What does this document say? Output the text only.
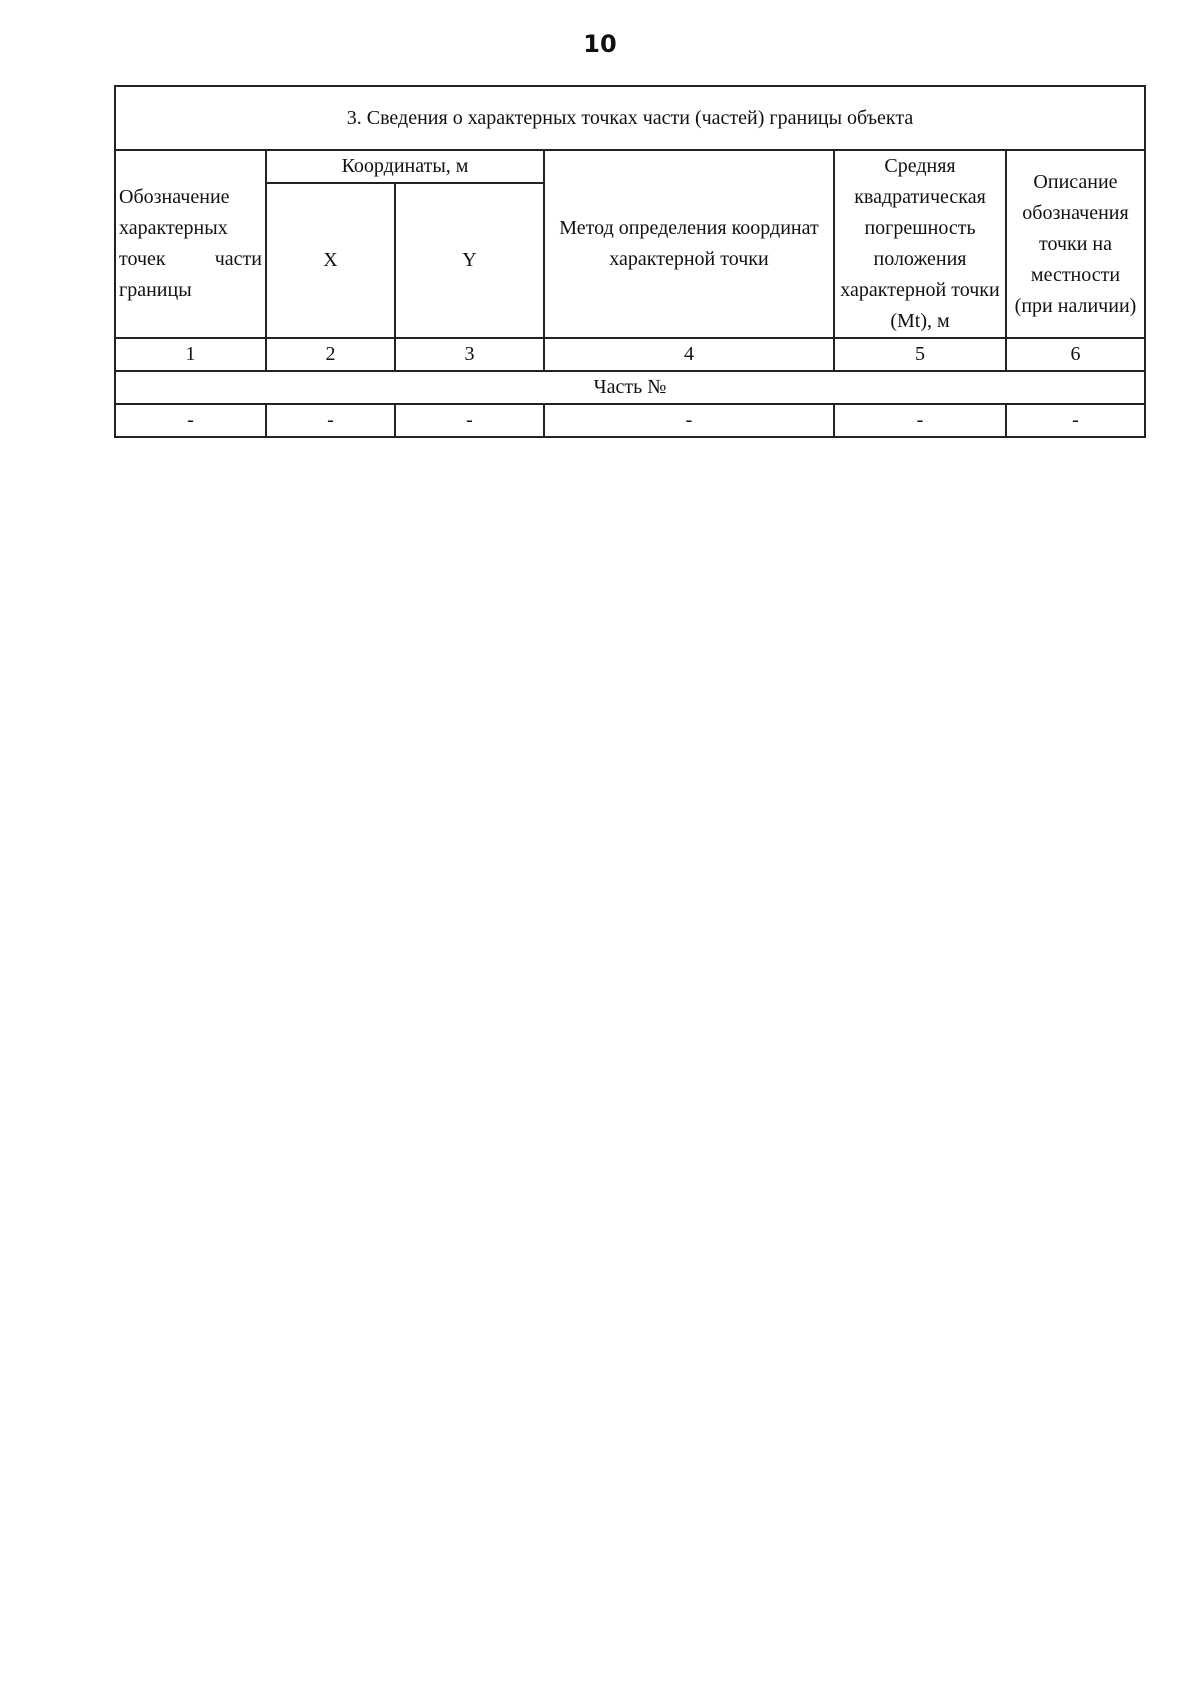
10
3. Сведения о характерных точках части (частей) границы объекта					
Обозначение характерных точек части границы	Координаты, м		Метод определения координат характерной точки	Средняя квадратическая погрешность положения характерной точки (Mt), м	Описание обозначения точки на местности (при наличии)
	X	Y			
1	2	3	4	5	6
Часть №					
-	-	-	-	-	-
